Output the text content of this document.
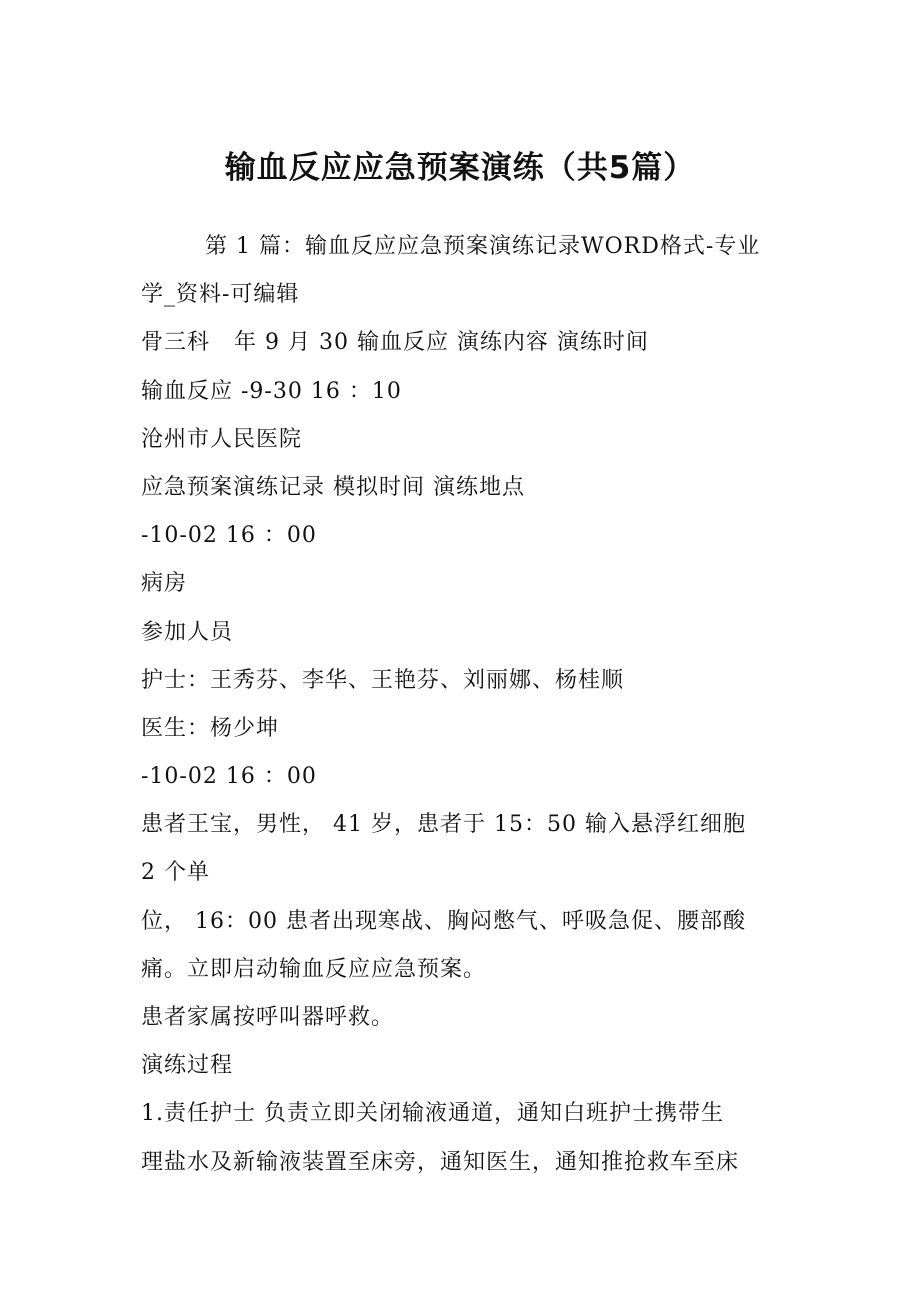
输血反应应急预案演练（共5篇）
第 1 篇：输血反应应急预案演练记录WORD格式-专业
学_资料-可编辑
骨三科   年 9 月 30 输血反应 演练内容 演练时间
输血反应 -9-30 16 ：10
沧州市人民医院
应急预案演练记录 模拟时间 演练地点
-10-02 16 ：00
病房
参加人员
护士：王秀芬、李华、王艳芬、刘丽娜、杨桂顺
医生：杨少坤
-10-02 16 ：00
患者王宝，男性， 41 岁，患者于 15：50 输入悬浮红细胞
2 个单
位， 16：00 患者出现寒战、胸闷憋气、呼吸急促、腰部酸
痛。立即启动输血反应应急预案。
患者家属按呼叫器呼救。
演练过程
1.责任护士 负责立即关闭输液通道，通知白班护士携带生
理盐水及新输液装置至床旁，通知医生，通知推抢救车至床
